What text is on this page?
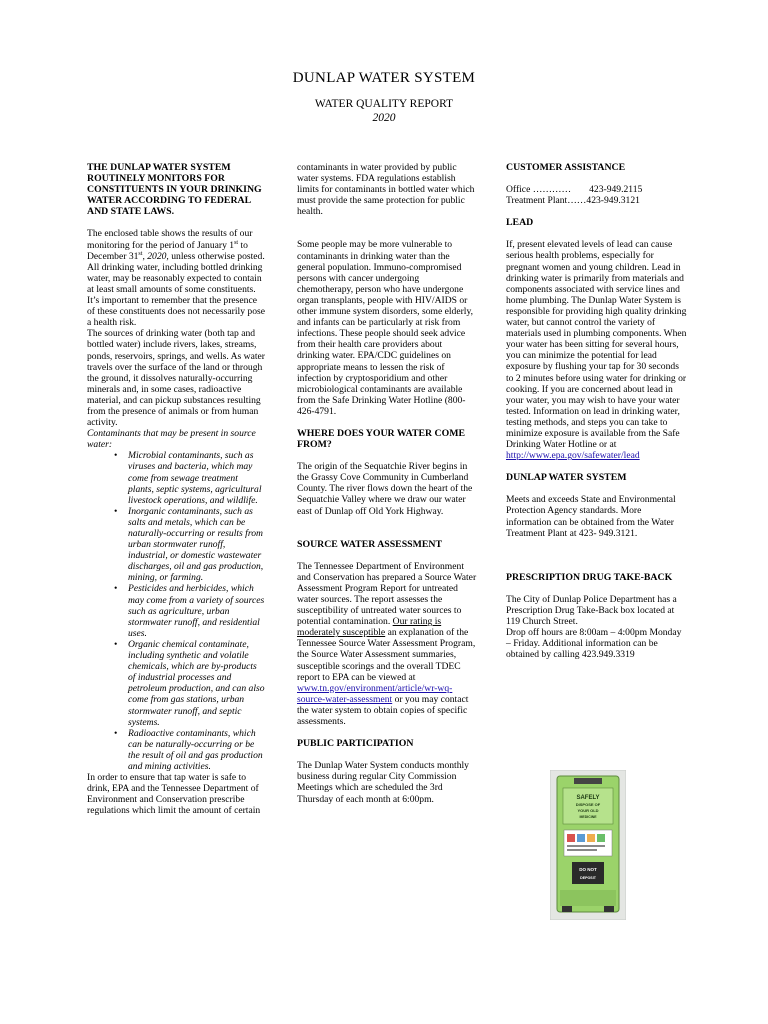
DUNLAP WATER SYSTEM
WATER QUALITY REPORT
2020

THE DUNLAP WATER SYSTEM ROUTINELY MONITORS FOR CONSTITUENTS IN YOUR DRINKING WATER ACCORDING TO FEDERAL AND STATE LAWS.

The enclosed table shows the results of our monitoring for the period of January 1st to December 31st, 2020, unless otherwise posted. All drinking water, including bottled drinking water, may be reasonably expected to contain at least small amounts of some constituents. It’s important to remember that the presence of these constituents does not necessarily pose a health risk.

The sources of drinking water (both tap and bottled water) include rivers, lakes, streams, ponds, reservoirs, springs, and wells. As water travels over the surface of the land or through the ground, it dissolves naturally-occurring minerals and, in some cases, radioactive material, and can pickup substances resulting from the presence of animals or from human activity.

Contaminants that may be present in source water:

• Microbial contaminants, such as viruses and bacteria, which may come from sewage treatment plants, septic systems, agricultural livestock operations, and wildlife.
• Inorganic contaminants, such as salts and metals, which can be naturally-occurring or results from urban stormwater runoff, industrial, or domestic wastewater discharges, oil and gas production, mining, or farming.
• Pesticides and herbicides, which may come from a variety of sources such as agriculture, urban stormwater runoff, and residential uses.
• Organic chemical contaminate, including synthetic and volatile chemicals, which are by-products of industrial processes and petroleum production, and can also come from gas stations, urban stormwater runoff, and septic systems.
• Radioactive contaminants, which can be naturally-occurring or be the result of oil and gas production and mining activities.

In order to ensure that tap water is safe to drink, EPA and the Tennessee Department of Environment and Conservation prescribe regulations which limit the amount of certain

contaminants in water provided by public water systems. FDA regulations establish limits for contaminants in bottled water which must provide the same protection for public health.

Some people may be more vulnerable to contaminants in drinking water than the general population. Immuno-compromised persons with cancer undergoing chemotherapy, person who have undergone organ transplants, people with HIV/AIDS or other immune system disorders, some elderly, and infants can be particularly at risk from infections. These people should seek advice from their health care providers about drinking water. EPA/CDC guidelines on appropriate means to lessen the risk of infection by cryptosporidium and other microbiological contaminants are available from the Safe Drinking Water Hotline (800-426-4791.

WHERE DOES YOUR WATER COME FROM?

The origin of the Sequatchie River begins in the Grassy Cove Community in Cumberland County. The river flows down the heart of the Sequatchie Valley where we draw our water east of Dunlap off Old York Highway.

SOURCE WATER ASSESSMENT

The Tennessee Department of Environment and Conservation has prepared a Source Water Assessment Program Report for untreated water sources. The report assesses the susceptibility of untreated water sources to potential contamination. Our rating is moderately susceptible an explanation of the Tennessee Source Water Assessment Program, the Source Water Assessment summaries, susceptible scorings and the overall TDEC report to EPA can be viewed at www.tn.gov/environment/article/wr-wq-source-water-assessment or you may contact the water system to obtain copies of specific assessments.

PUBLIC PARTICIPATION

The Dunlap Water System conducts monthly business during regular City Commission Meetings which are scheduled the 3rd Thursday of each month at 6:00pm.

CUSTOMER ASSISTANCE

Office ………… 423-949.2115

Treatment Plant……423-949.3121

LEAD

If, present elevated levels of lead can cause serious health problems, especially for pregnant women and young children. Lead in drinking water is primarily from materials and components associated with service lines and home plumbing. The Dunlap Water System is responsible for providing high quality drinking water, but cannot control the variety of materials used in plumbing components. When your water has been sitting for several hours, you can minimize the potential for lead exposure by flushing your tap for 30 seconds to 2 minutes before using water for drinking or cooking. If you are concerned about lead in your water, you may wish to have your water tested. Information on lead in drinking water, testing methods, and steps you can take to minimize exposure is available from the Safe Drinking Water Hotline or at http://www.epa.gov/safewater/lead

DUNLAP WATER SYSTEM

Meets and exceeds State and Environmental Protection Agency standards. More information can be obtained from the Water Treatment Plant at 423- 949.3121.

PRESCRIPTION DRUG TAKE-BACK

The City of Dunlap Police Department has a Prescription Drug Take-Back box located at 119 Church Street.

Drop off hours are 8:00am – 4:00pm Monday – Friday. Additional information can be obtained by calling 423.949.3319

SAFELY
DISPOSE OF
YOUR OLD
MEDICINE
DO NOT
DEPOSIT
